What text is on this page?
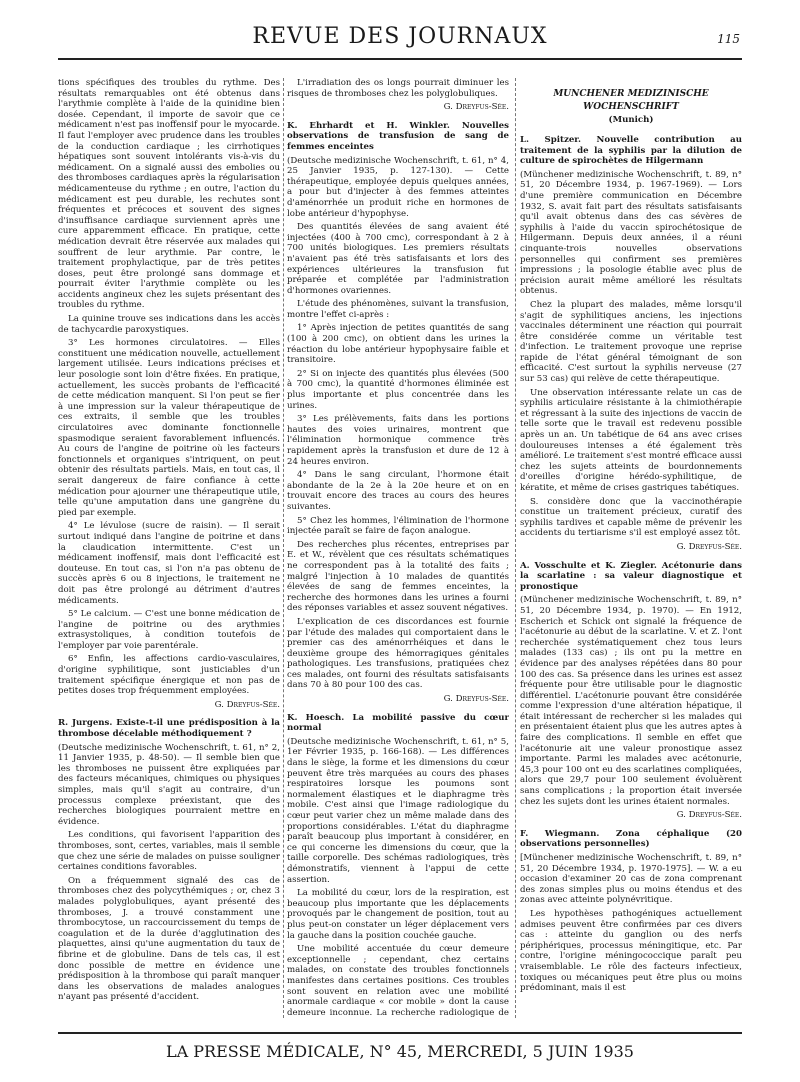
REVUE DES JOURNAUX	115

tions spécifiques des troubles du rythme. Des résultats remarquables ont été obtenus dans l'arythmie complète à l'aide de la quinidine bien dosée. Cependant, il importe de savoir que ce médicament n'est pas inoffensif pour le myocarde. Il faut l'employer avec prudence dans les troubles de la conduction cardiaque ; les cirrhotiques hépatiques sont souvent intolérants vis-à-vis du médicament. On a signalé aussi des embolies ou des thromboses cardiaques après la régularisation médicamenteuse du rythme ; en outre, l'action du médicament est peu durable, les rechutes sont fréquentes et précoces et souvent des signes d'insuffisance cardiaque surviennent après une cure apparemment efficace. En pratique, cette médication devrait être réservée aux malades qui souffrent de leur arythmie. Par contre, le traitement prophylactique, par de très petites doses, peut être prolongé sans dommage et pourrait éviter l'arythmie complète ou les accidents angineux chez les sujets présentant des troubles du rythme.

La quinine trouve ses indications dans les accès de tachycardie paroxystiques.

3° Les hormones circulatoires. — Elles constituent une médication nouvelle, actuellement largement utilisée. Leurs indications précises et leur posologie sont loin d'être fixées. En pratique, actuellement, les succès probants de l'efficacité de cette médication manquent. Si l'on peut se fier à une impression sur la valeur thérapeutique de ces extraits, il semble que les troubles circulatoires avec dominante fonctionnelle spasmodique seraient favorablement influencés. Au cours de l'angine de poitrine où les facteurs fonctionnels et organiques s'intriquent, on peut obtenir des résultats partiels. Mais, en tout cas, il serait dangereux de faire confiance à cette médication pour ajourner une thérapeutique utile, telle qu'une amputation dans une gangrène du pied par exemple.

4° Le lévulose (sucre de raisin). — Il serait surtout indiqué dans l'angine de poitrine et dans la claudication intermittente. C'est un médicament inoffensif, mais dont l'efficacité est douteuse. En tout cas, si l'on n'a pas obtenu de succès après 6 ou 8 injections, le traitement ne doit pas être prolongé au détriment d'autres médicaments.

5° Le calcium. — C'est une bonne médication de l'angine de poitrine ou des arythmies extrasystoliques, à condition toutefois de l'employer par voie parentérale.

6° Enfin, les affections cardio-vasculaires, d'origine syphilitique, sont justiciables d'un traitement spécifique énergique et non pas de petites doses trop fréquemment employées.

G. Dreyfus-Sée.

R. Jurgens. Existe-t-il une prédisposition à la thrombose décelable méthodiquement ?

(Deutsche medizinische Wochenschrift, t. 61, n° 2, 11 Janvier 1935, p. 48-50). — Il semble bien que les thromboses ne puissent être expliquées par des facteurs mécaniques, chimiques ou physiques simples, mais qu'il s'agit au contraire, d'un processus complexe préexistant, que des recherches biologiques pourraient mettre en évidence.

Les conditions, qui favorisent l'apparition des thromboses, sont, certes, variables, mais il semble que chez une série de malades on puisse souligner certaines conditions favorables.

On a fréquemment signalé des cas de thromboses chez des polycythémiques ; or, chez 3 malades polyglobuliques, ayant présenté des thromboses, J. a trouvé constamment une thrombocytose, un raccourcissement du temps de coagulation et de la durée d'agglutination des plaquettes, ainsi qu'une augmentation du taux de fibrine et de globuline. Dans de tels cas, il est donc possible de mettre en évidence une prédisposition à la thrombose qui paraît manquer dans les observations de malades analogues n'ayant pas présenté d'accident.

L'irradiation des os longs pourrait diminuer les risques de thromboses chez les polyglobuliques.

G. Dreyfus-Sée.

K. Ehrhardt et H. Winkler. Nouvelles observations de transfusion de sang de femmes enceintes

(Deutsche medizinische Wochenschrift, t. 61, n° 4, 25 Janvier 1935, p. 127-130). — Cette thérapeutique, employée depuis quelques années, a pour but d'injecter à des femmes atteintes d'aménorrhée un produit riche en hormones de lobe antérieur d'hypophyse.

Des quantités élevées de sang avaient été injectées (400 à 700 cmc), correspondant à 2 à 700 unités biologiques. Les premiers résultats n'avaient pas été très satisfaisants et lors des expériences ultérieures la transfusion fut préparée et complétée par l'administration d'hormones ovariennes.

L'étude des phénomènes, suivant la transfusion, montre l'effet ci-après :

1° Après injection de petites quantités de sang (100 à 200 cmc), on obtient dans les urines la réaction du lobe antérieur hypophysaire faible et transitoire.

2° Si on injecte des quantités plus élevées (500 à 700 cmc), la quantité d'hormones éliminée est plus importante et plus concentrée dans les urines.

3° Les prélèvements, faits dans les portions hautes des voies urinaires, montrent que l'élimination hormonique commence très rapidement après la transfusion et dure de 12 à 24 heures environ.

4° Dans le sang circulant, l'hormone était abondante de la 2e à la 20e heure et on en trouvait encore des traces au cours des heures suivantes.

5° Chez les hommes, l'élimination de l'hormone injectée paraît se faire de façon analogue.

Des recherches plus récentes, entreprises par E. et W., révèlent que ces résultats schématiques ne correspondent pas à la totalité des faits ; malgré l'injection à 10 malades de quantités élevées de sang de femmes enceintes, la recherche des hormones dans les urines a fourni des réponses variables et assez souvent négatives.

L'explication de ces discordances est fournie par l'étude des malades qui comportaient dans le premier cas des aménorrhéiques et dans le deuxième groupe des hémorragiques génitales pathologiques. Les transfusions, pratiquées chez ces malades, ont fourni des résultats satisfaisants dans 70 à 80 pour 100 des cas.

G. Dreyfus-Sée.

K. Hoesch. La mobilité passive du cœur normal

(Deutsche medizinische Wochenschrift, t. 61, n° 5, 1er Février 1935, p. 166-168). — Les différences dans le siège, la forme et les dimensions du cœur peuvent être très marquées au cours des phases respiratoires lorsque les poumons sont normalement élastiques et le diaphragme très mobile. C'est ainsi que l'image radiologique du cœur peut varier chez un même malade dans des proportions considérables. L'état du diaphragme paraît beaucoup plus important à considérer, en ce qui concerne les dimensions du cœur, que la taille corporelle. Des schémas radiologiques, très démonstratifs, viennent à l'appui de cette assertion.

La mobilité du cœur, lors de la respiration, est beaucoup plus importante que les déplacements provoqués par le changement de position, tout au plus peut-on constater un léger déplacement vers la gauche dans la position couchée gauche.

Une mobilité accentuée du cœur demeure exceptionnelle ; cependant, chez certains malades, on constate des troubles fonctionnels manifestes dans certaines positions. Ces troubles sont souvent en relation avec une mobilité anormale cardiaque « cor mobile » dont la cause demeure inconnue. La recherche radiologique de

MUNCHENER MEDIZINISCHE WOCHENSCHRIFT
(Munich)

L. Spitzer. Nouvelle contribution au traitement de la syphilis par la dilution de culture de spirochètes de Hilgermann

(Münchener medizinische Wochenschrift, t. 89, n° 51, 20 Décembre 1934, p. 1967-1969). — Lors d'une première communication en Décembre 1932, S. avait fait part des résultats satisfaisants qu'il avait obtenus dans des cas sévères de syphilis à l'aide du vaccin spirochétosique de Hilgermann. Depuis deux années, il a réuni cinquante-trois nouvelles observations personnelles qui confirment ses premières impressions ; la posologie établie avec plus de précision aurait même amélioré les résultats obtenus.

Chez la plupart des malades, même lorsqu'il s'agit de syphilitiques anciens, les injections vaccinales déterminent une réaction qui pourrait être considérée comme un véritable test d'infection. Le traitement provoque une reprise rapide de l'état général témoignant de son efficacité. C'est surtout la syphilis nerveuse (27 sur 53 cas) qui relève de cette thérapeutique.

Une observation intéressante relate un cas de syphilis articulaire résistante à la chimiothérapie et régressant à la suite des injections de vaccin de telle sorte que le travail est redevenu possible après un an. Un tabétique de 64 ans avec crises douloureuses intenses a été également très amélioré. Le traitement s'est montré efficace aussi chez les sujets atteints de bourdonnements d'oreilles d'origine hérédo-syphilitique, de kératite, et même de crises gastriques tabétiques.

S. considère donc que la vaccinothérapie constitue un traitement précieux, curatif des syphilis tardives et capable même de prévenir les accidents du tertiarisme s'il est employé assez tôt.

G. Dreyfus-Sée.

A. Vosschulte et K. Ziegler. Acétonurie dans la scarlatine : sa valeur diagnostique et pronostique

(Münchener medizinische Wochenschrift, t. 89, n° 51, 20 Décembre 1934, p. 1970). — En 1912, Escherich et Schick ont signalé la fréquence de l'acétonurie au début de la scarlatine. V. et Z. l'ont recherchée systématiquement chez tous leurs malades (133 cas) ; ils ont pu la mettre en évidence par des analyses répétées dans 80 pour 100 des cas. Sa présence dans les urines est assez fréquente pour être utilisable pour le diagnostic différentiel. L'acétonurie pouvant être considérée comme l'expression d'une altération hépatique, il était intéressant de rechercher si les malades qui en présentaient étaient plus que les autres aptes à faire des complications. Il semble en effet que l'acétonurie ait une valeur pronostique assez importante. Parmi les malades avec acétonurie, 45,3 pour 100 ont eu des scarlatines compliquées, alors que 29,7 pour 100 seulement évoluèrent sans complications ; la proportion était inversée chez les sujets dont les urines étaient normales.

G. Dreyfus-Sée.

F. Wiegmann. Zona céphalique (20 observations personnelles)

[Münchener medizinische Wochenschrift, t. 89, n° 51, 20 Décembre 1934, p. 1970-1975]. — W. a eu occasion d'examiner 20 cas de zona comprenant des zonas simples plus ou moins étendus et des zonas avec atteinte polynévritique.

Les hypothèses pathogéniques actuellement admises peuvent être confirmées par ces divers cas : atteinte du ganglion ou des nerfs périphériques, processus méningitique, etc. Par contre, l'origine méningococcique paraît peu vraisemblable. Le rôle des facteurs infectieux, toxiques ou mécaniques peut être plus ou moins prédominant, mais il est

LA PRESSE MÉDICALE, N° 45, MERCREDI, 5 JUIN 1935
